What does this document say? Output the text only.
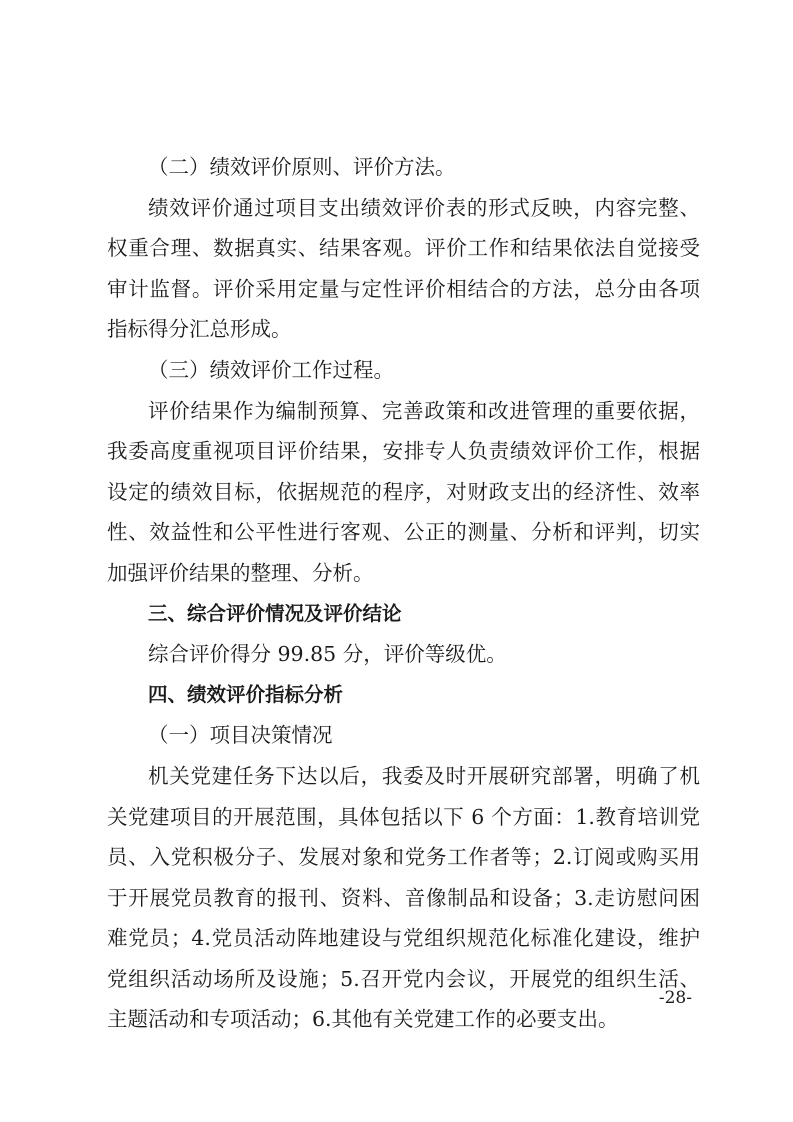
（二）绩效评价原则、评价方法。
绩效评价通过项目支出绩效评价表的形式反映，内容完整、
权重合理、数据真实、结果客观。评价工作和结果依法自觉接受
审计监督。评价采用定量与定性评价相结合的方法，总分由各项
指标得分汇总形成。
（三）绩效评价工作过程。
评价结果作为编制预算、完善政策和改进管理的重要依据，
我委高度重视项目评价结果，安排专人负责绩效评价工作，根据
设定的绩效目标，依据规范的程序，对财政支出的经济性、效率
性、效益性和公平性进行客观、公正的测量、分析和评判，切实
加强评价结果的整理、分析。
三、综合评价情况及评价结论
综合评价得分 99.85 分，评价等级优。
四、绩效评价指标分析
（一）项目决策情况
机关党建任务下达以后，我委及时开展研究部署，明确了机
关党建项目的开展范围，具体包括以下 6 个方面：1.教育培训党
员、入党积极分子、发展对象和党务工作者等；2.订阅或购买用
于开展党员教育的报刊、资料、音像制品和设备；3.走访慰问困
难党员；4.党员活动阵地建设与党组织规范化标准化建设，维护
党组织活动场所及设施；5.召开党内会议，开展党的组织生活、
主题活动和专项活动；6.其他有关党建工作的必要支出。
-28-
